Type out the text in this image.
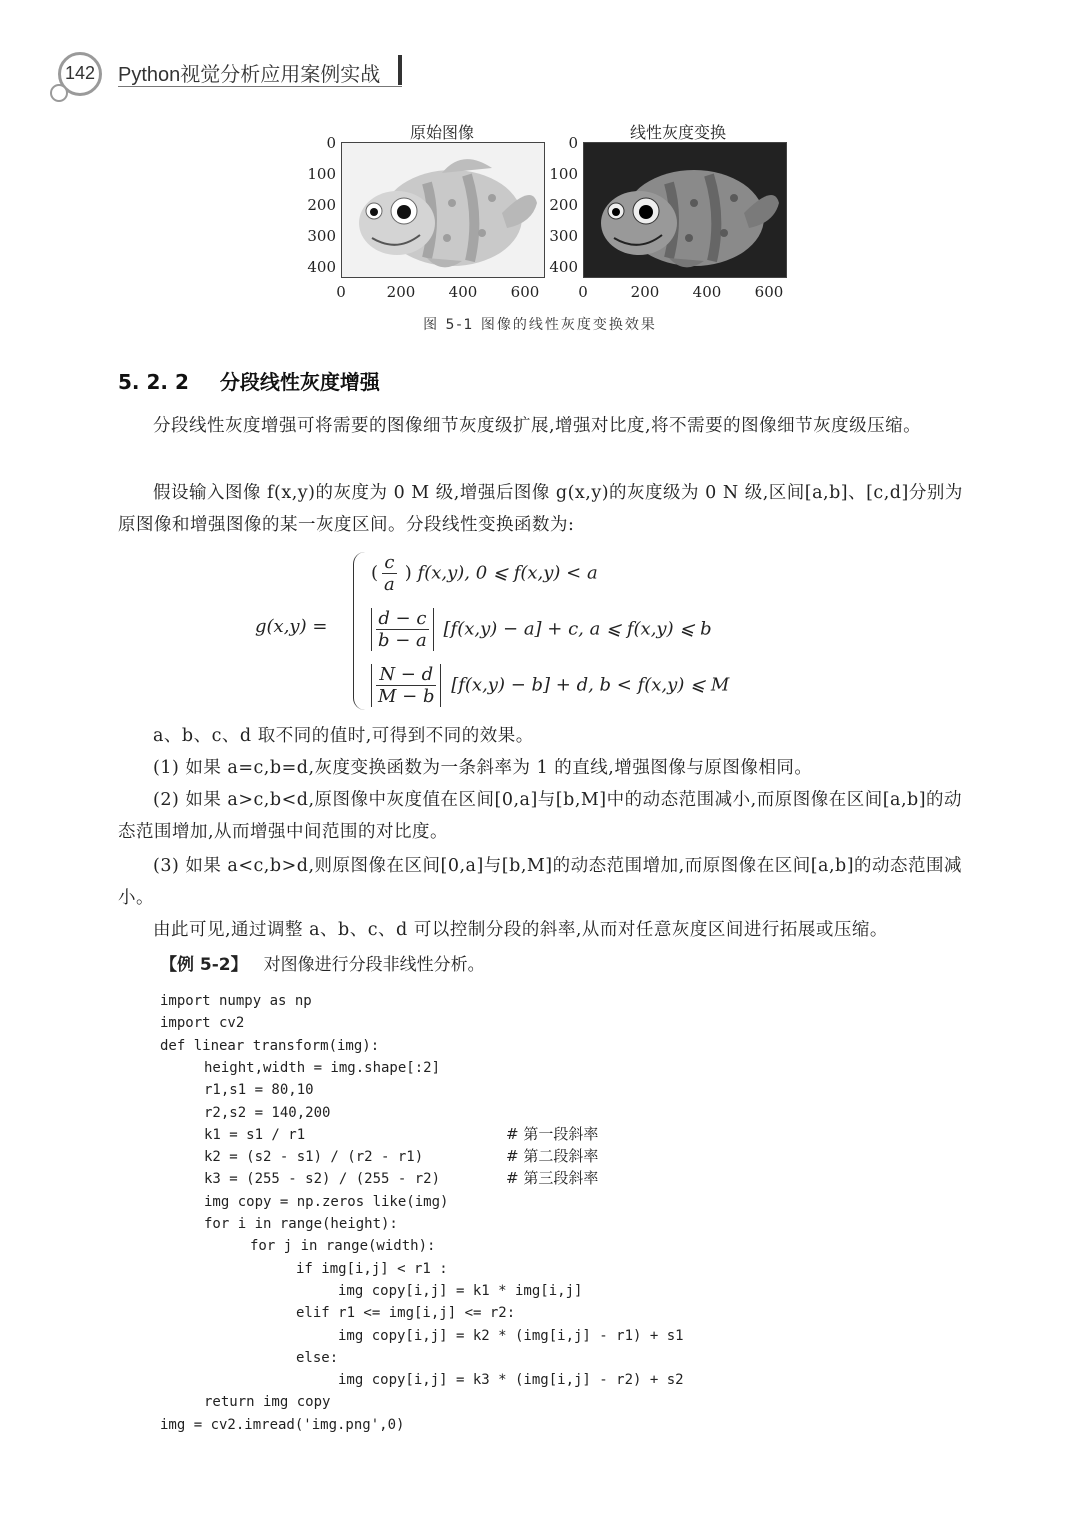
142	Python视觉分析应用案例实战
原始图像
0
100
200
300
400
0	200 400 600
线性灰度变换
0
100
200
300
400
0	200 400 600
图 5-1 图像的线性灰度变换效果
5. 2. 2 分段线性灰度增强

分段线性灰度增强可将需要的图像细节灰度级扩展,增强对比度,将不需要的图像细节灰度级压缩。

假设输入图像 f(x,y)的灰度为 0 M 级,增强后图像 g(x,y)的灰度级为 0 N 级,区间[a,b]、[c,d]分别为原图像和增强图像的某一灰度区间。分段线性变换函数为:

g(x,y) =
( $\frac{c}{a}$ ) f(x,y), 0 ⩽ f(x,y) < a
$\frac{d - c}{b - a} [f(x,y) - a] + c$, a ⩽ f(x,y) ⩽ b
$\frac{N - d}{M - b} [f(x,y) - b] + d$, b < f(x,y) ⩽ M

a、b、c、d 取不同的值时,可得到不同的效果。

(1) 如果 a=c,b=d,灰度变换函数为一条斜率为 1 的直线,增强图像与原图像相同。

(2) 如果 a>c,b<d,原图像中灰度值在区间[0,a]与[b,M]中的动态范围减小,而原图像在区间[a,b]的动态范围增加,从而增强中间范围的对比度。

(3) 如果 a<c,b>d,则原图像在区间[0,a]与[b,M]的动态范围增加,而原图像在区间[a,b]的动态范围减小。

由此可见,通过调整 a、b、c、d 可以控制分段的斜率,从而对任意灰度区间进行拓展或压缩。

【例 5-2】 对图像进行分段非线性分析。
import numpy as np
import cv2
def linear transform(img):
height,width = img.shape[:2]
r1,s1 = 80,10
r2,s2 = 140,200
k1 = s1 / r1	# 第一段斜率
k2 = (s2 - s1) / (r2 - r1)	# 第二段斜率
k3 = (255 - s2) / (255 - r2)	# 第三段斜率
img copy = np.zeros like(img)
for i in range(height):
for j in range(width):
if img[i,j] < r1 :
img copy[i,j] = k1 * img[i,j]
elif r1 <= img[i,j] <= r2:
img copy[i,j] = k2 * (img[i,j] - r1) + s1
else:
img copy[i,j] = k3 * (img[i,j] - r2) + s2
return img copy
img = cv2.imread('img.png',0)
